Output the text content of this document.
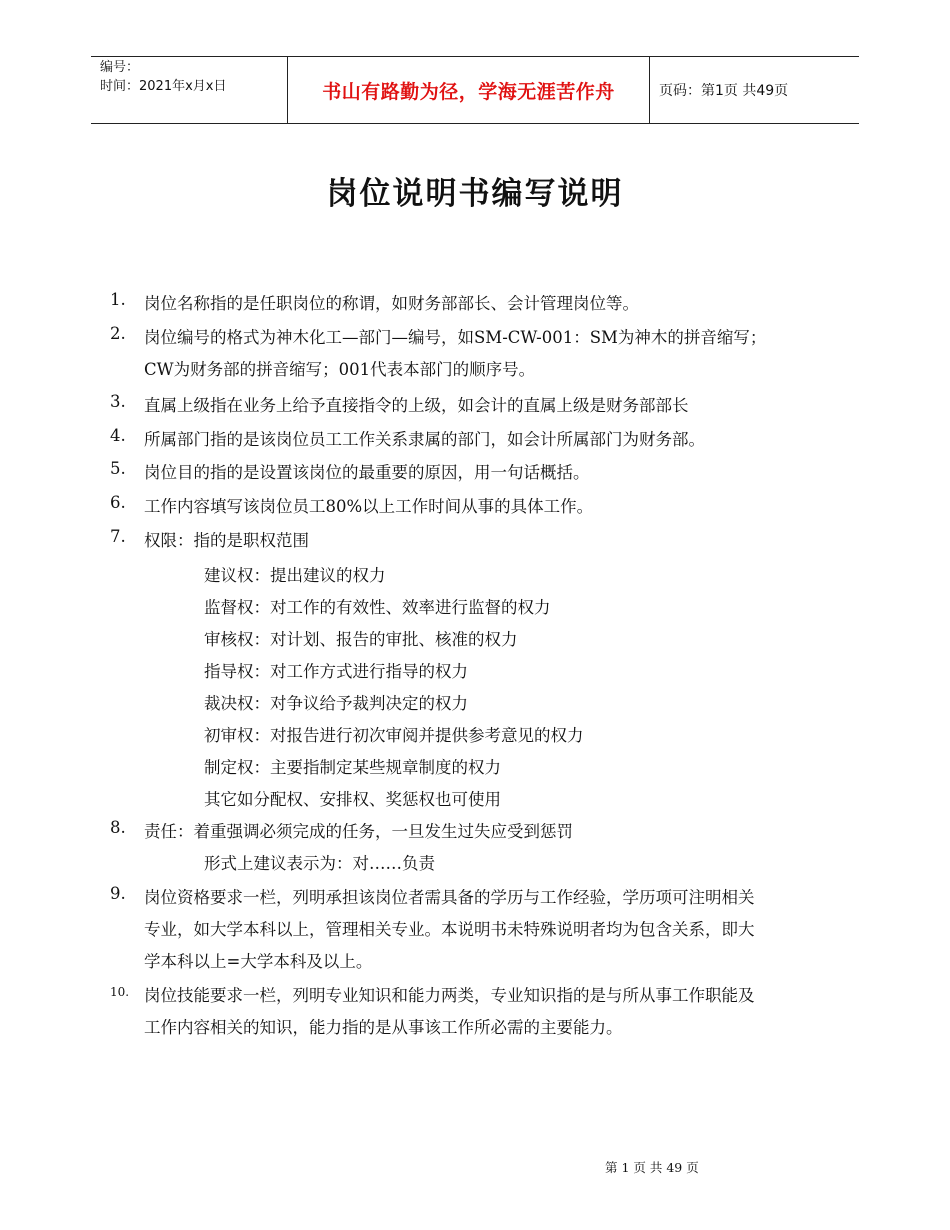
编号：
时间：2021年x月x日	书山有路勤为径，学海无涯苦作舟	页码：第1页 共49页
岗位说明书编写说明
1. 岗位名称指的是任职岗位的称谓，如财务部部长、会计管理岗位等。
2. 岗位编号的格式为神木化工—部门—编号，如SM-CW-001：SM为神木的拼音缩写；
CW为财务部的拼音缩写；001代表本部门的顺序号。
3. 直属上级指在业务上给予直接指令的上级，如会计的直属上级是财务部部长
4. 所属部门指的是该岗位员工工作关系隶属的部门，如会计所属部门为财务部。
5. 岗位目的指的是设置该岗位的最重要的原因，用一句话概括。
6. 工作内容填写该岗位员工80%以上工作时间从事的具体工作。
7. 权限：指的是职权范围
建议权：提出建议的权力
监督权：对工作的有效性、效率进行监督的权力
审核权：对计划、报告的审批、核准的权力
指导权：对工作方式进行指导的权力
裁决权：对争议给予裁判决定的权力
初审权：对报告进行初次审阅并提供参考意见的权力
制定权：主要指制定某些规章制度的权力
其它如分配权、安排权、奖惩权也可使用
8. 责任：着重强调必须完成的任务，一旦发生过失应受到惩罚
形式上建议表示为：对……负责
9. 岗位资格要求一栏，列明承担该岗位者需具备的学历与工作经验，学历项可注明相关
专业，如大学本科以上，管理相关专业。本说明书未特殊说明者均为包含关系，即大
学本科以上=大学本科及以上。
10. 岗位技能要求一栏，列明专业知识和能力两类，专业知识指的是与所从事工作职能及
工作内容相关的知识，能力指的是从事该工作所必需的主要能力。
第 1 页 共 49 页
